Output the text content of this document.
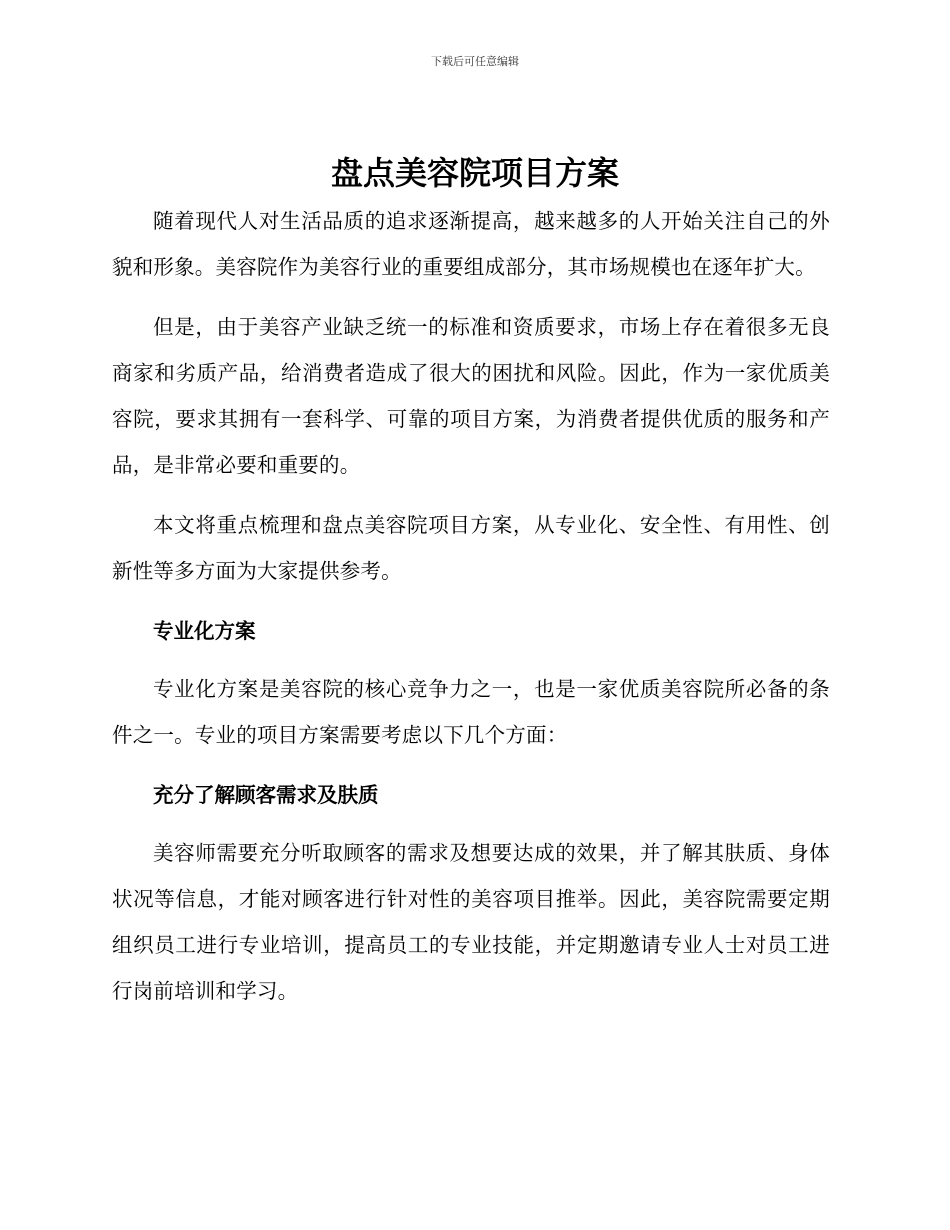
下载后可任意编辑
盘点美容院项目方案

随着现代人对生活品质的追求逐渐提高，越来越多的人开始关注自己的外貌和形象。美容院作为美容行业的重要组成部分，其市场规模也在逐年扩大。

但是，由于美容产业缺乏统一的标准和资质要求，市场上存在着很多无良商家和劣质产品，给消费者造成了很大的困扰和风险。因此，作为一家优质美容院，要求其拥有一套科学、可靠的项目方案，为消费者提供优质的服务和产品，是非常必要和重要的。

本文将重点梳理和盘点美容院项目方案，从专业化、安全性、有用性、创新性等多方面为大家提供参考。

专业化方案

专业化方案是美容院的核心竞争力之一，也是一家优质美容院所必备的条件之一。专业的项目方案需要考虑以下几个方面：

充分了解顾客需求及肤质

美容师需要充分听取顾客的需求及想要达成的效果，并了解其肤质、身体状况等信息，才能对顾客进行针对性的美容项目推举。因此，美容院需要定期组织员工进行专业培训，提高员工的专业技能，并定期邀请专业人士对员工进行岗前培训和学习。
